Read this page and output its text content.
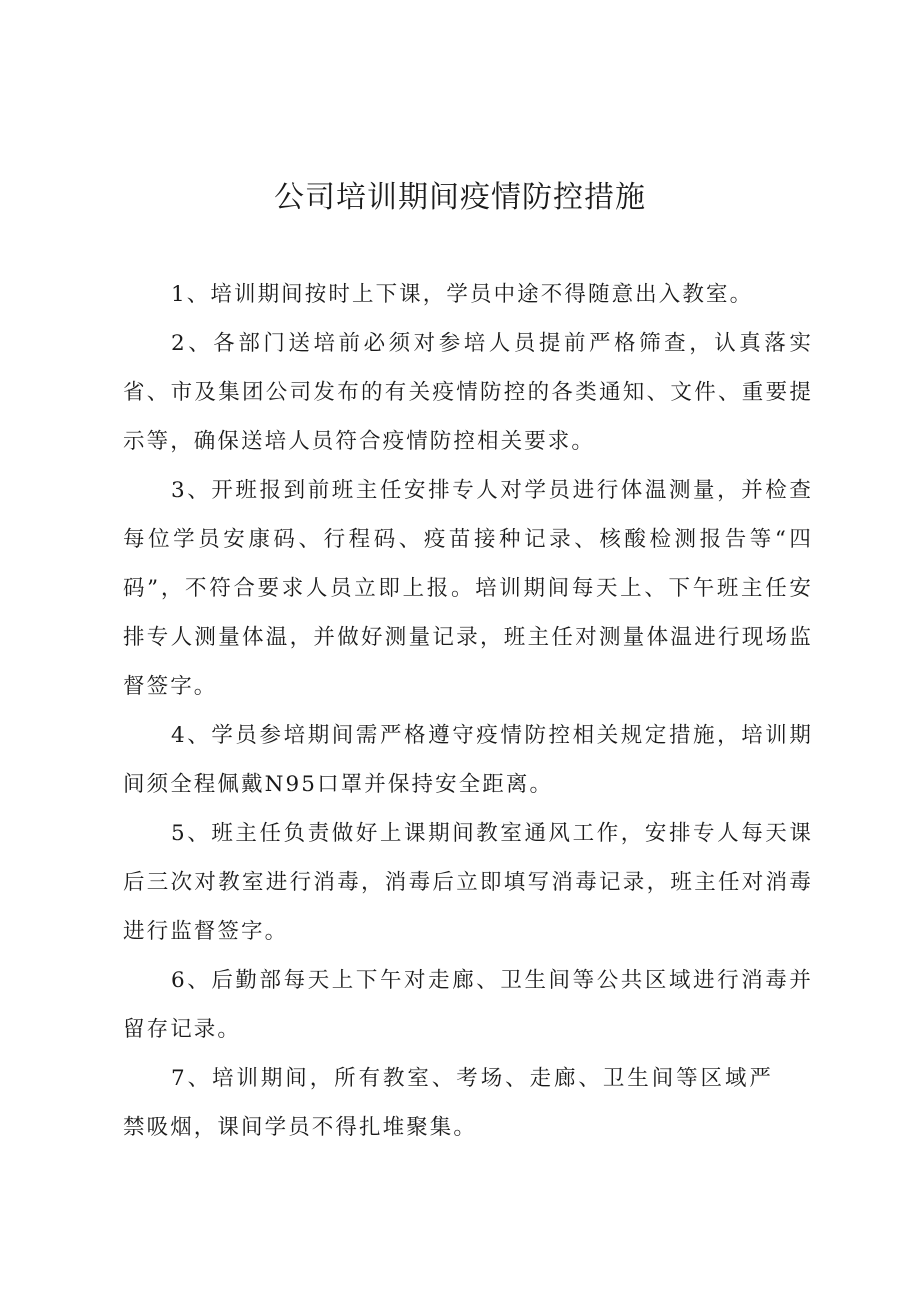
公司培训期间疫情防控措施

1、培训期间按时上下课，学员中途不得随意出入教室。

2、各部门送培前必须对参培人员提前严格筛查，认真落实省、市及集团公司发布的有关疫情防控的各类通知、文件、重要提示等，确保送培人员符合疫情防控相关要求。

3、开班报到前班主任安排专人对学员进行体温测量，并检查每位学员安康码、行程码、疫苗接种记录、核酸检测报告等“四码”，不符合要求人员立即上报。培训期间每天上、下午班主任安排专人测量体温，并做好测量记录，班主任对测量体温进行现场监督签字。

4、学员参培期间需严格遵守疫情防控相关规定措施，培训期间须全程佩戴N95口罩并保持安全距离。

5、班主任负责做好上课期间教室通风工作，安排专人每天课后三次对教室进行消毒，消毒后立即填写消毒记录，班主任对消毒进行监督签字。

6、后勤部每天上下午对走廊、卫生间等公共区域进行消毒并留存记录。

7、培训期间，所有教室、考场、走廊、卫生间等区域严禁吸烟，课间学员不得扎堆聚集。
